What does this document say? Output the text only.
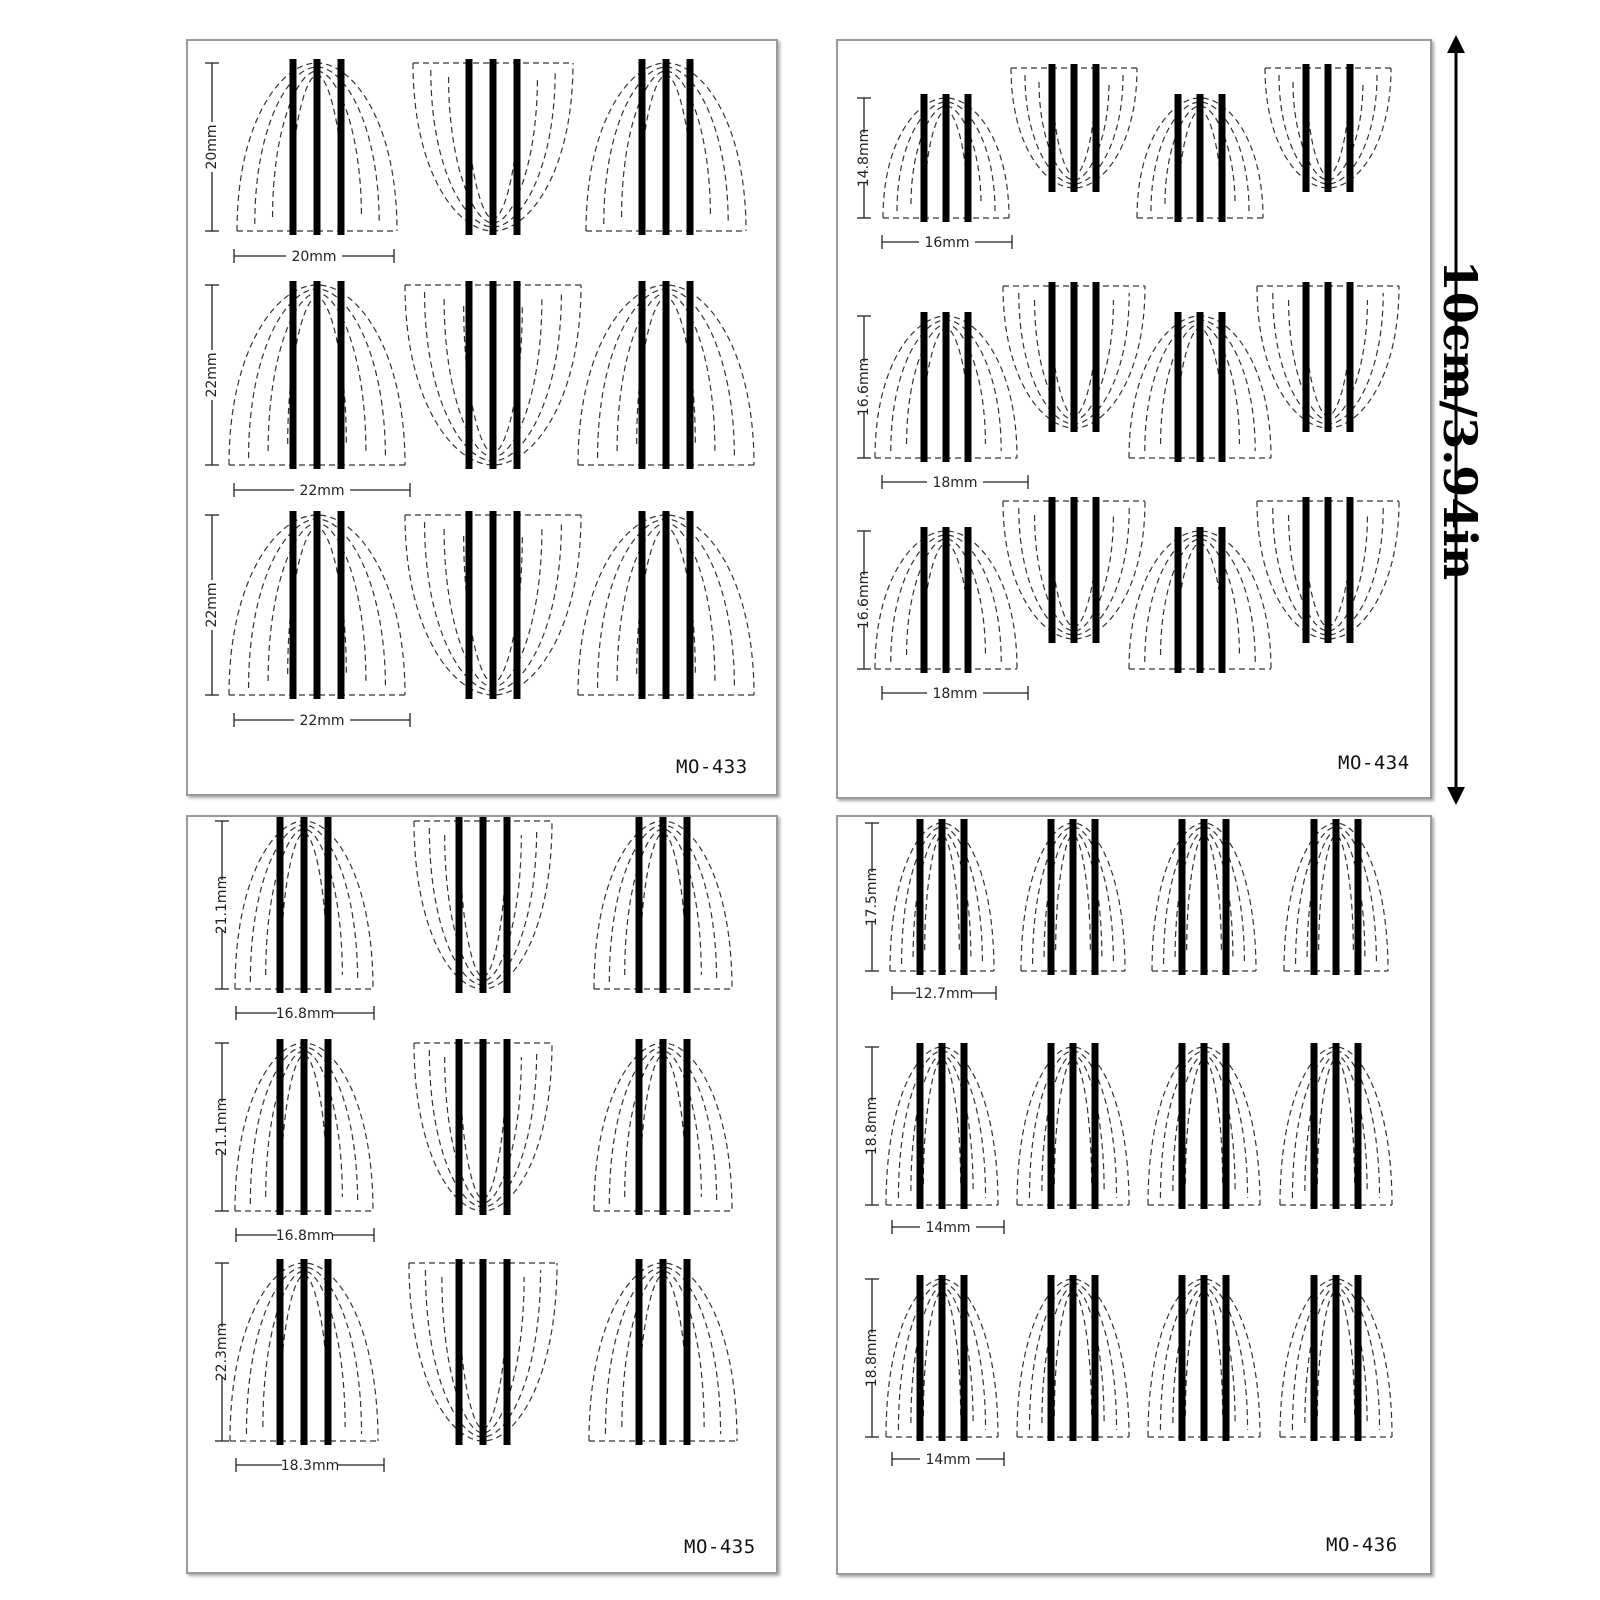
20mm
20mm
22mm
22mm
22mm
22mm
MO-433
14.8mm
16mm
16.6mm
18mm
16.6mm
18mm
MO-434
21.1mm
16.8mm
21.1mm
16.8mm
22.3mm
18.3mm
MO-435
17.5mm
12.7mm
18.8mm
14mm
18.8mm
14mm
MO-436
10cm/3.94in
